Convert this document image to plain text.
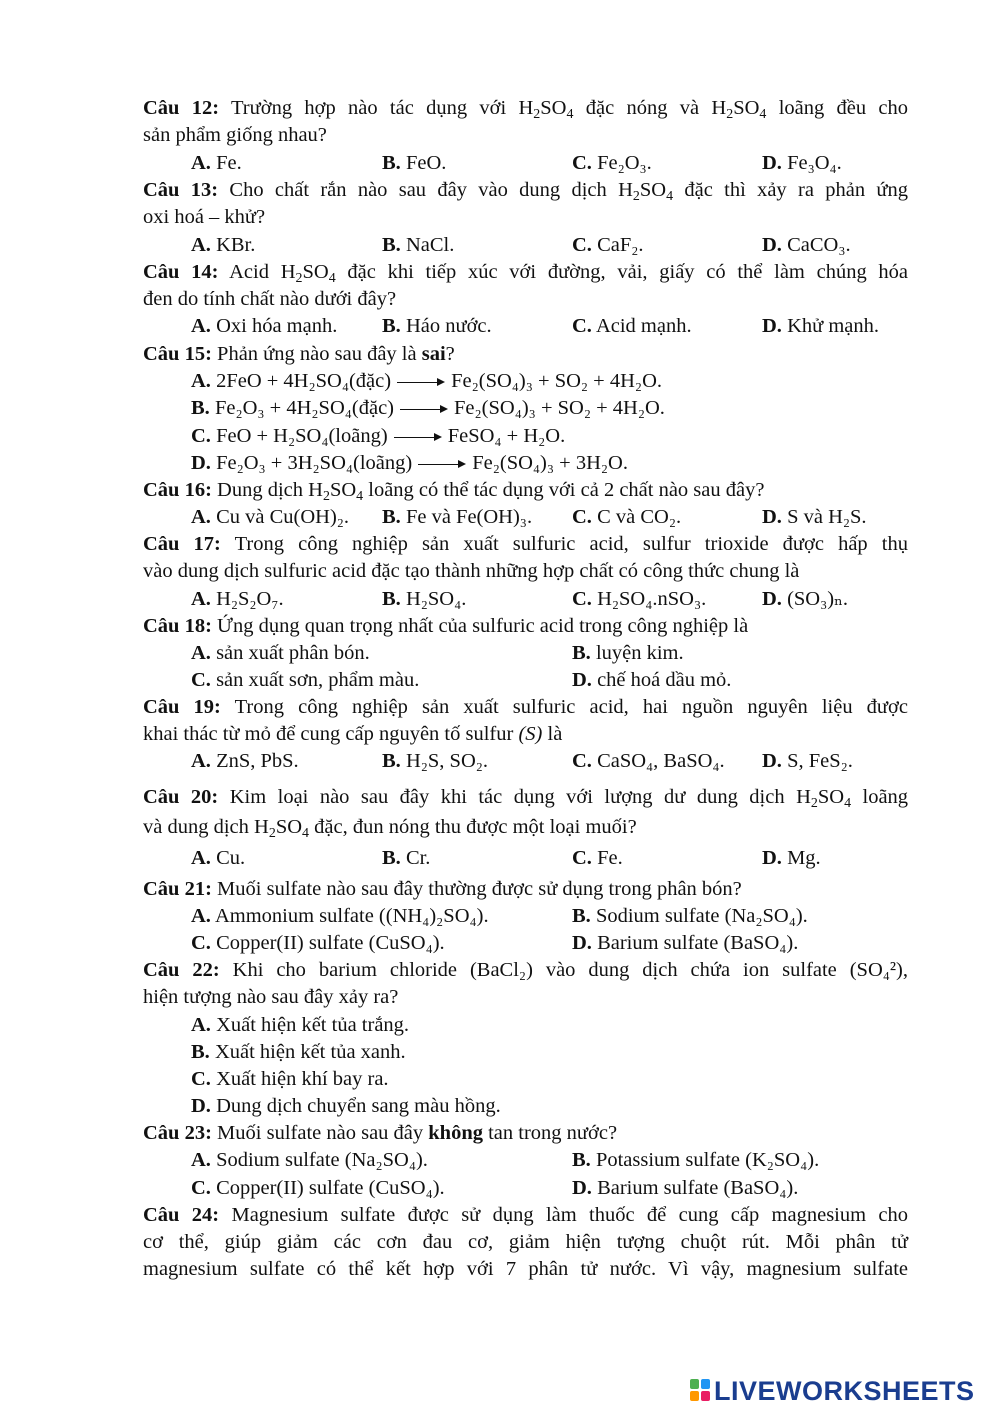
Câu 12: Trường hợp nào tác dụng với $H_2SO_4$ đặc nóng và $H_2SO_4$ loãng đều cho
sản phẩm giống nhau?
A. Fe.	B. FeO.	C. Fe₂O₃.	D. Fe₃O₄.
Câu 13: Cho chất rắn nào sau đây vào dung dịch $H_2SO_4$ đặc thì xảy ra phản ứng
oxi hoá – khử?
A. KBr.	B. NaCl.	C. CaF₂.	D. CaCO₃.
Câu 14: Acid $H_2SO_4$ đặc khi tiếp xúc với đường, vải, giấy có thể làm chúng hóa
đen do tính chất nào dưới đây?
A. Oxi hóa mạnh. B. Háo nước.	C. Acid mạnh.	D. Khử mạnh.
Câu 15: Phản ứng nào sau đây là sai?
A. 2FeO + 4H₂SO₄(đặc)	Fe₂(SO₄)₃ + SO₂ + 4H₂O.
B. Fe₂O₃ + 4H₂SO₄(đặc)	Fe₂(SO₄)₃ + SO₂ + 4H₂O.
C. FeO + H₂SO₄(loãng)	FeSO₄ + H₂O.
D. Fe₂O₃ + 3H₂SO₄(loãng)	Fe₂(SO₄)₃ + 3H₂O.
Câu 16: Dung dịch $H_2SO_4$ loãng có thể tác dụng với cả 2 chất nào sau đây?
A. Cu và Cu(OH)₂. B. Fe và Fe(OH)₃. C. C và CO₂.	D. S và H₂S.
Câu 17: Trong công nghiệp sản xuất sulfuric acid, sulfur trioxide được hấp thụ
vào dung dịch sulfuric acid đặc tạo thành những hợp chất có công thức chung là
A. H₂S₂O₇.	B. H₂SO₄.	C. H₂SO₄.nSO₃.	D. (SO₃)ₙ.
Câu 18: Ứng dụng quan trọng nhất của sulfuric acid trong công nghiệp là
A. sản xuất phân bón.	B. luyện kim.
C. sản xuất sơn, phẩm màu.	D. chế hoá dầu mỏ.
Câu 19: Trong công nghiệp sản xuất sulfuric acid, hai nguồn nguyên liệu được
khai thác từ mỏ để cung cấp nguyên tố sulfur (S) là
A. ZnS, PbS.	B. H₂S, SO₂.	C. CaSO₄, BaSO₄. D. S, FeS₂.
Câu 20: Kim loại nào sau đây khi tác dụng với lượng dư dung dịch $H_2SO_4$ loãng
và dung dịch $H_2SO_4$ đặc, đun nóng thu được một loại muối?
A. Cu.	B. Cr.	C. Fe.	D. Mg.
Câu 21: Muối sulfate nào sau đây thường được sử dụng trong phân bón?
A. Ammonium sulfate ((NH₄)₂SO₄).	B. Sodium sulfate (Na₂SO₄).
C. Copper(II) sulfate (CuSO₄).	D. Barium sulfate (BaSO₄).
Câu 22: Khi cho barium chloride (BaCl₂) vào dung dịch chứa ion sulfate (SO₄²),
hiện tượng nào sau đây xảy ra?
A. Xuất hiện kết tủa trắng.
B. Xuất hiện kết tủa xanh.
C. Xuất hiện khí bay ra.
D. Dung dịch chuyển sang màu hồng.
Câu 23: Muối sulfate nào sau đây không tan trong nước?
A. Sodium sulfate (Na₂SO₄).	B. Potassium sulfate (K₂SO₄).
C. Copper(II) sulfate (CuSO₄).	D. Barium sulfate (BaSO₄).
Câu 24: Magnesium sulfate được sử dụng làm thuốc để cung cấp magnesium cho
cơ thể, giúp giảm các cơn đau cơ, giảm hiện tượng chuột rút. Mỗi phân tử
magnesium sulfate có thể kết hợp với 7 phân tử nước. Vì vậy, magnesium sulfate
LIVEWORKSHEETS
